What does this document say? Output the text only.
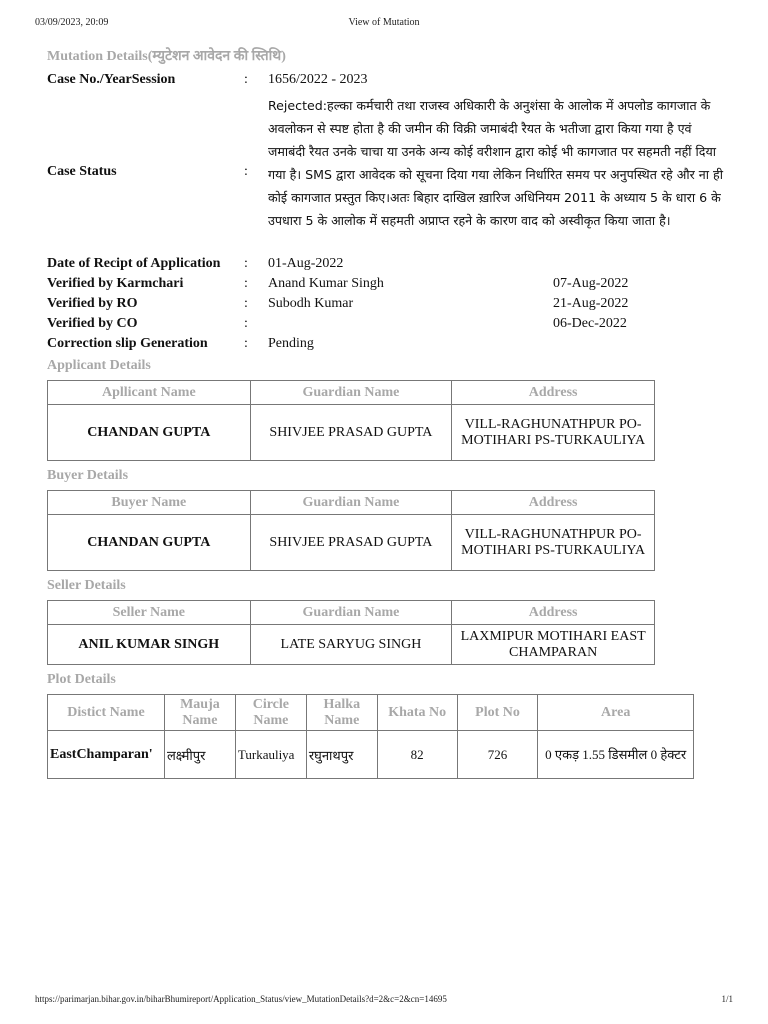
03/09/2023, 20:09	View of Mutation
Mutation Details(म्युटेशन आवेदन की स्तिथि)
Case No./YearSession	: 1656/2022 - 2023
Case Status	:
Rejected:हल्का कर्मचारी तथा राजस्व अधिकारी के अनुशंसा के आलोक में अपलोड कागजात के अवलोकन से स्पष्ट होता है की जमीन की विक्री जमाबंदी रैयत के भतीजा द्वारा किया गया है एवं जमाबंदी रैयत उनके चाचा या उनके अन्य कोई वरीशान द्वारा कोई भी कागजात पर सहमती नहीं दिया गया है। SMS द्वारा आवेदक को सूचना दिया गया लेकिन निर्धारित समय पर अनुपस्थित रहे और ना ही कोई कागजात प्रस्तुत किए।अतः बिहार दाखिल ख़ारिज अधिनियम 2011 के अध्याय 5 के धारा 6 के उपधारा 5 के आलोक में सहमती अप्राप्त रहने के कारण वाद को अस्वीकृत किया जाता है।
Date of Recipt of Application : 01-Aug-2022
Verified by Karmchari	: Anand Kumar Singh	07-Aug-2022
Verified by RO	: Subodh Kumar	21-Aug-2022
Verified by CO	:	06-Dec-2022
Correction slip Generation	: Pending
Applicant Details
Apllicant Name	Guardian Name	Address
CHANDAN GUPTA	SHIVJEE PRASAD GUPTA	VILL-RAGHUNATHPUR PO-MOTIHARI PS-TURKAULIYA
Buyer Details
Buyer Name	Guardian Name	Address
CHANDAN GUPTA	SHIVJEE PRASAD GUPTA	VILL-RAGHUNATHPUR PO-MOTIHARI PS-TURKAULIYA
Seller Details
Seller Name	Guardian Name	Address
ANIL KUMAR SINGH	LATE SARYUG SINGH	LAXMIPUR MOTIHARI EAST CHAMPARAN
Plot Details
Distict Name	Mauja Name	Circle Name	Halka Name	Khata No	Plot No	Area
EastChamparan'	लक्ष्मीपुर	Turkauliya	रघुनाथपुर	82	726	0 एकड़ 1.55 डिसमील 0 हेक्टर
https://parimarjan.bihar.gov.in/biharBhumireport/Application_Status/view_MutationDetails?d=2&c=2&cn=14695	1/1
